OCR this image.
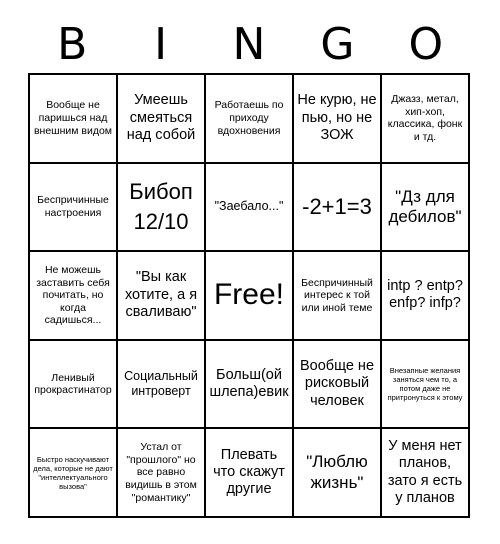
B	I	N	G	O
Вообще не паришься над внешним видом
Умеешь смеяться над собой
Работаешь по приходу вдохновения
Не курю, не пью, но не ЗОЖ
Джазз, метал, хип-хоп, классика, фонк и тд.
Беспричинные настроения
Бибоп 12/10
"Заебало..." -2+1=3	"Дз для дебилов"
Не можешь заставить себя почитать, но когда садишься...
"Вы как хотите, а я сваливаю"
Free!	Беспричинный интерес к той или иной теме
intp ? entp? enfp? infp?
Ленивый прокрастинатор
Социальный интроверт
Больш(ой шлепа)евик
Вообще не рисковый человек
Внезапные желания заняться чем то, а потом даже не притронуться к этому
Быстро наскучивают дела, которые не дают "интеллектуального вызова"
Устал от "прошлого" но все равно видишь в этом "романтику"
Плевать что скажут другие
"Люблю жизнь"
У меня нет планов, зато я есть у планов
